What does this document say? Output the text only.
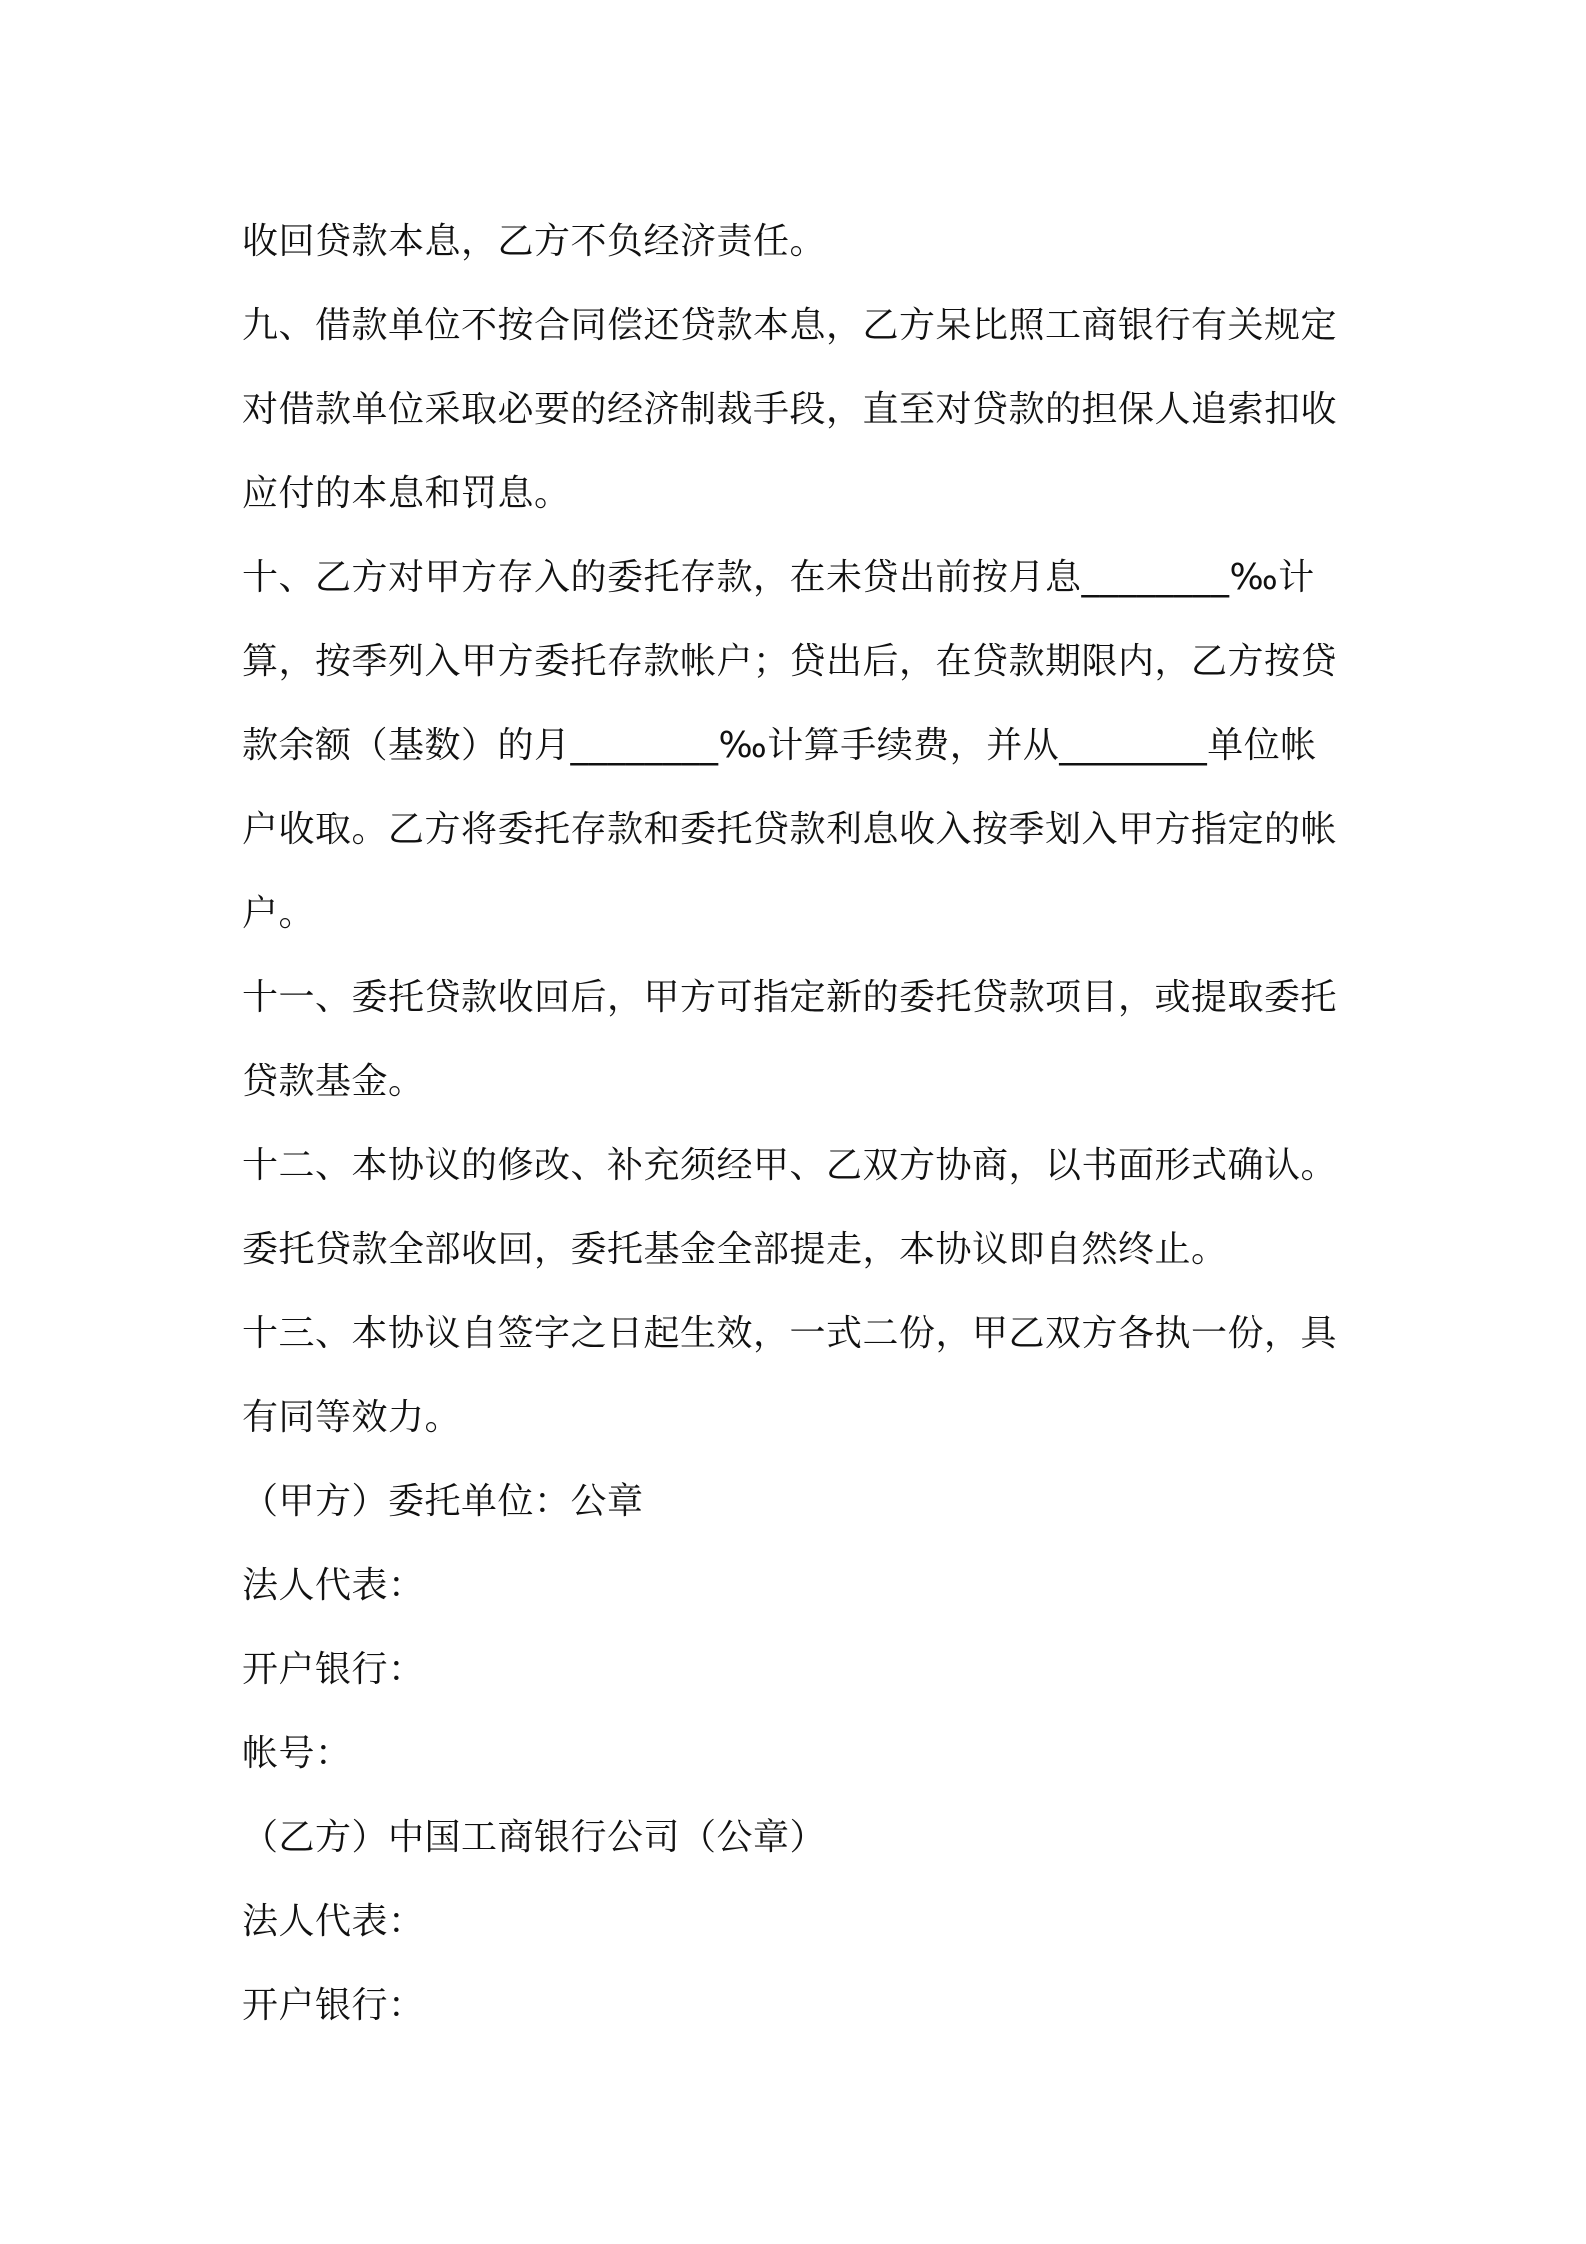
收回贷款本息，乙方不负经济责任。
九、借款单位不按合同偿还贷款本息，乙方呆比照工商银行有关规定
对借款单位采取必要的经济制裁手段，直至对贷款的担保人追索扣收
应付的本息和罚息。
十、乙方对甲方存入的委托存款，在未贷出前按月息________‰计
算，按季列入甲方委托存款帐户；贷出后，在贷款期限内，乙方按贷
款余额（基数）的月________‰计算手续费，并从________单位帐
户收取。乙方将委托存款和委托贷款利息收入按季划入甲方指定的帐
户。
十一、委托贷款收回后，甲方可指定新的委托贷款项目，或提取委托
贷款基金。
十二、本协议的修改、补充须经甲、乙双方协商，以书面形式确认。
委托贷款全部收回，委托基金全部提走，本协议即自然终止。
十三、本协议自签字之日起生效，一式二份，甲乙双方各执一份，具
有同等效力。
（甲方）委托单位：公章
法人代表：
开户银行：
帐号：
（乙方）中国工商银行公司（公章）
法人代表：
开户银行：
